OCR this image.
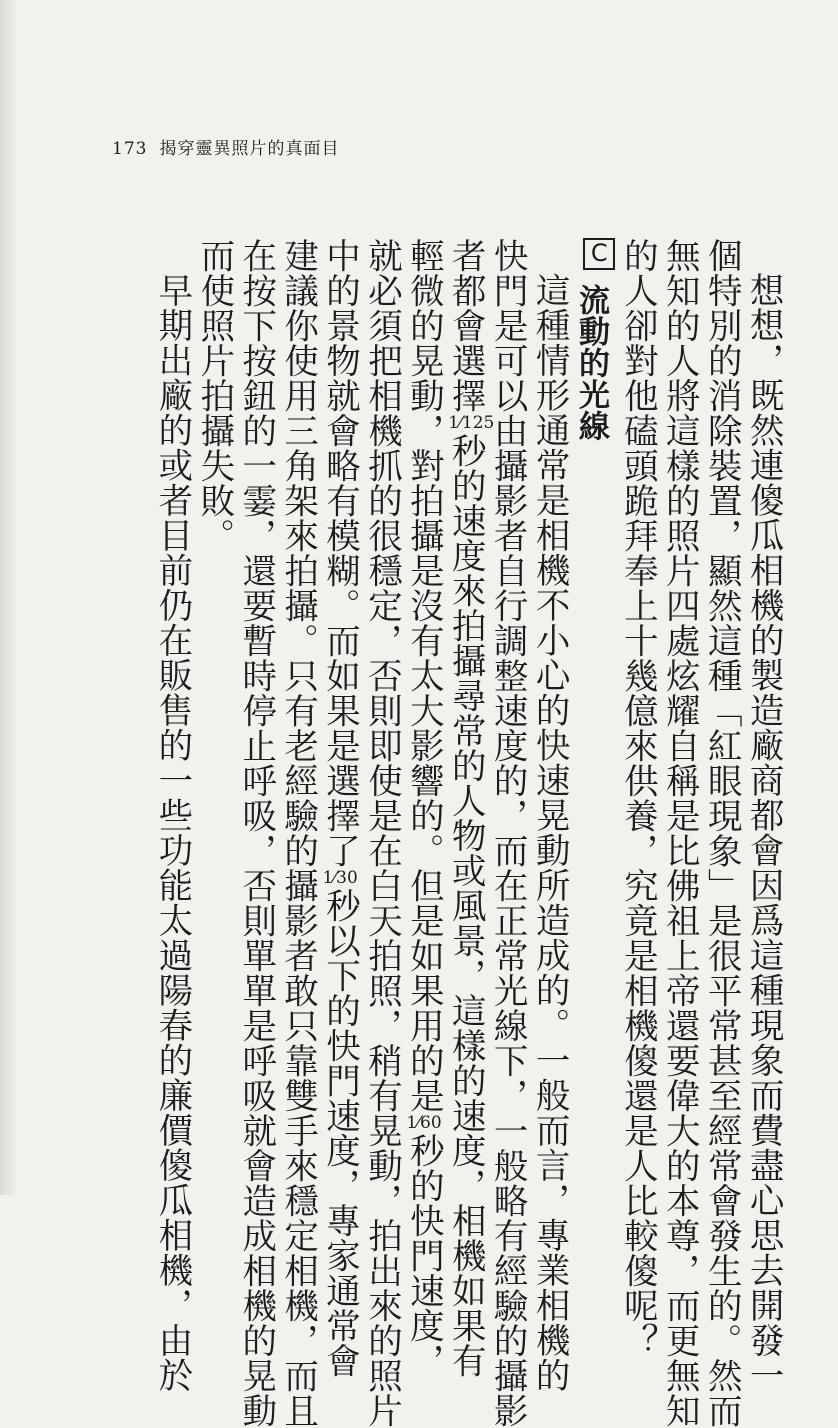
173 揭穿靈異照片的真面目

想想，既然連傻瓜相機的製造廠商都會因爲這種現象而費盡心思去開發一

個特別的消除裝置，顯然這種「紅眼現象」是很平常甚至經常會發生的。然而

無知的人將這樣的照片四處炫耀自稱是比佛祖上帝還要偉大的本尊，而更無知

的人卻對他磕頭跪拜奉上十幾億來供養，究竟是相機傻還是人比較傻呢？

C流動的光線

這種情形通常是相機不小心的快速晃動所造成的。一般而言，專業相機的

快門是可以由攝影者自行調整速度的，而在正常光線下，一般略有經驗的攝影

者都會選擇1⁄125秒的速度來拍攝尋常的人物或風景，這樣的速度，相機如果有

輕微的晃動，對拍攝是沒有太大影響的。但是如果用的是1⁄60秒的快門速度，

就必須把相機抓的很穩定，否則即使是在白天拍照，稍有晃動，拍出來的照片

中的景物就會略有模糊。而如果是選擇了1⁄30秒以下的快門速度，專家通常會

建議你使用三角架來拍攝。只有老經驗的攝影者敢只靠雙手來穩定相機，而且

在按下按鈕的一霎，還要暫時停止呼吸，否則單單是呼吸就會造成相機的晃動

而使照片拍攝失敗。

早期出廠的或者目前仍在販售的一些功能太過陽春的廉價傻瓜相機，由於
